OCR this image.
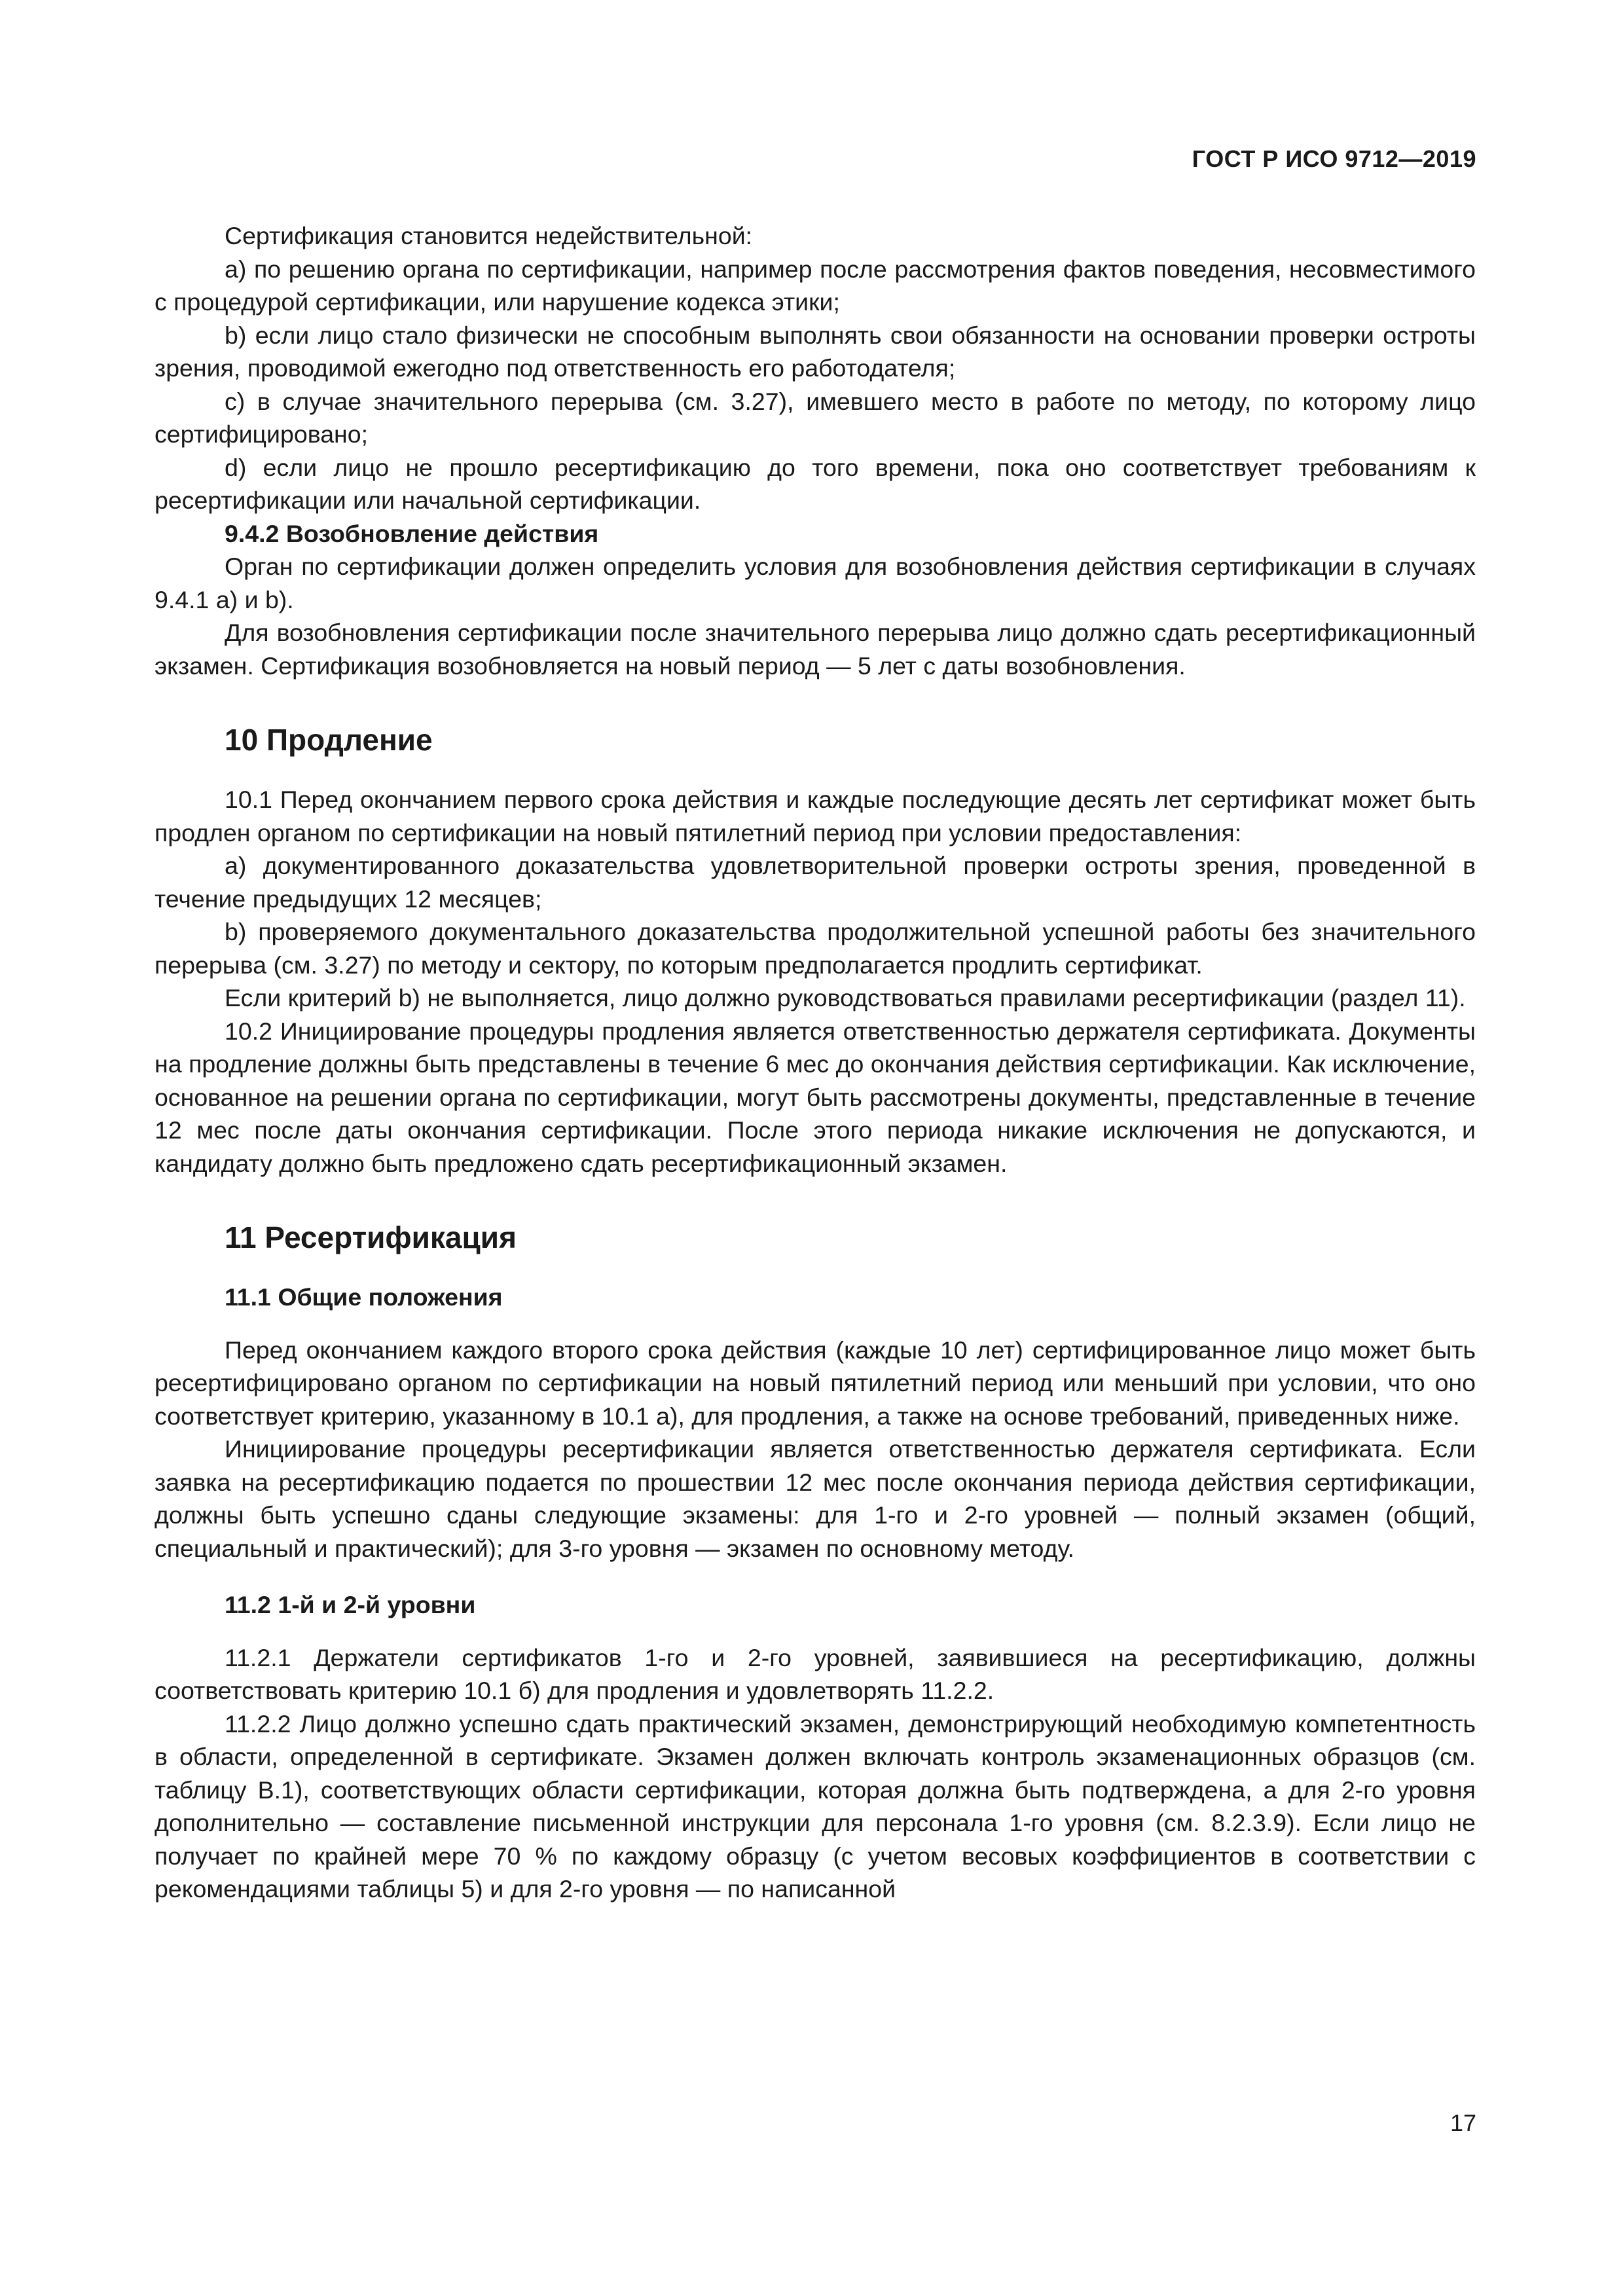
ГОСТ Р ИСО 9712—2019

Сертификация становится недействительной:

a) по решению органа по сертификации, например после рассмотрения фактов поведения, несовместимого с процедурой сертификации, или нарушение кодекса этики;

b) если лицо стало физически не способным выполнять свои обязанности на основании проверки остроты зрения, проводимой ежегодно под ответственность его работодателя;

c) в случае значительного перерыва (см. 3.27), имевшего место в работе по методу, по которому лицо сертифицировано;

d) если лицо не прошло ресертификацию до того времени, пока оно соответствует требованиям к ресертификации или начальной сертификации.

9.4.2 Возобновление действия

Орган по сертификации должен определить условия для возобновления действия сертификации в случаях 9.4.1 a) и b).

Для возобновления сертификации после значительного перерыва лицо должно сдать ресертификационный экзамен. Сертификация возобновляется на новый период — 5 лет с даты возобновления.

10 Продление

10.1 Перед окончанием первого срока действия и каждые последующие десять лет сертификат может быть продлен органом по сертификации на новый пятилетний период при условии предоставления:

a) документированного доказательства удовлетворительной проверки остроты зрения, проведенной в течение предыдущих 12 месяцев;

b) проверяемого документального доказательства продолжительной успешной работы без значительного перерыва (см. 3.27) по методу и сектору, по которым предполагается продлить сертификат.

Если критерий b) не выполняется, лицо должно руководствоваться правилами ресертификации (раздел 11).

10.2 Инициирование процедуры продления является ответственностью держателя сертификата. Документы на продление должны быть представлены в течение 6 мес до окончания действия сертификации. Как исключение, основанное на решении органа по сертификации, могут быть рассмотрены документы, представленные в течение 12 мес после даты окончания сертификации. После этого периода никакие исключения не допускаются, и кандидату должно быть предложено сдать ресертификационный экзамен.

11 Ресертификация
11.1 Общие положения

Перед окончанием каждого второго срока действия (каждые 10 лет) сертифицированное лицо может быть ресертифицировано органом по сертификации на новый пятилетний период или меньший при условии, что оно соответствует критерию, указанному в 10.1 а), для продления, а также на основе требований, приведенных ниже.

Инициирование процедуры ресертификации является ответственностью держателя сертификата. Если заявка на ресертификацию подается по прошествии 12 мес после окончания периода действия сертификации, должны быть успешно сданы следующие экзамены: для 1-го и 2-го уровней — полный экзамен (общий, специальный и практический); для 3-го уровня — экзамен по основному методу.

11.2 1-й и 2-й уровни

11.2.1 Держатели сертификатов 1-го и 2-го уровней, заявившиеся на ресертификацию, должны соответствовать критерию 10.1 б) для продления и удовлетворять 11.2.2.

11.2.2 Лицо должно успешно сдать практический экзамен, демонстрирующий необходимую компетентность в области, определенной в сертификате. Экзамен должен включать контроль экзаменационных образцов (см. таблицу B.1), соответствующих области сертификации, которая должна быть подтверждена, а для 2-го уровня дополнительно — составление письменной инструкции для персонала 1-го уровня (см. 8.2.3.9). Если лицо не получает по крайней мере 70 % по каждому образцу (с учетом весовых коэффициентов в соответствии с рекомендациями таблицы 5) и для 2-го уровня — по написанной

17
